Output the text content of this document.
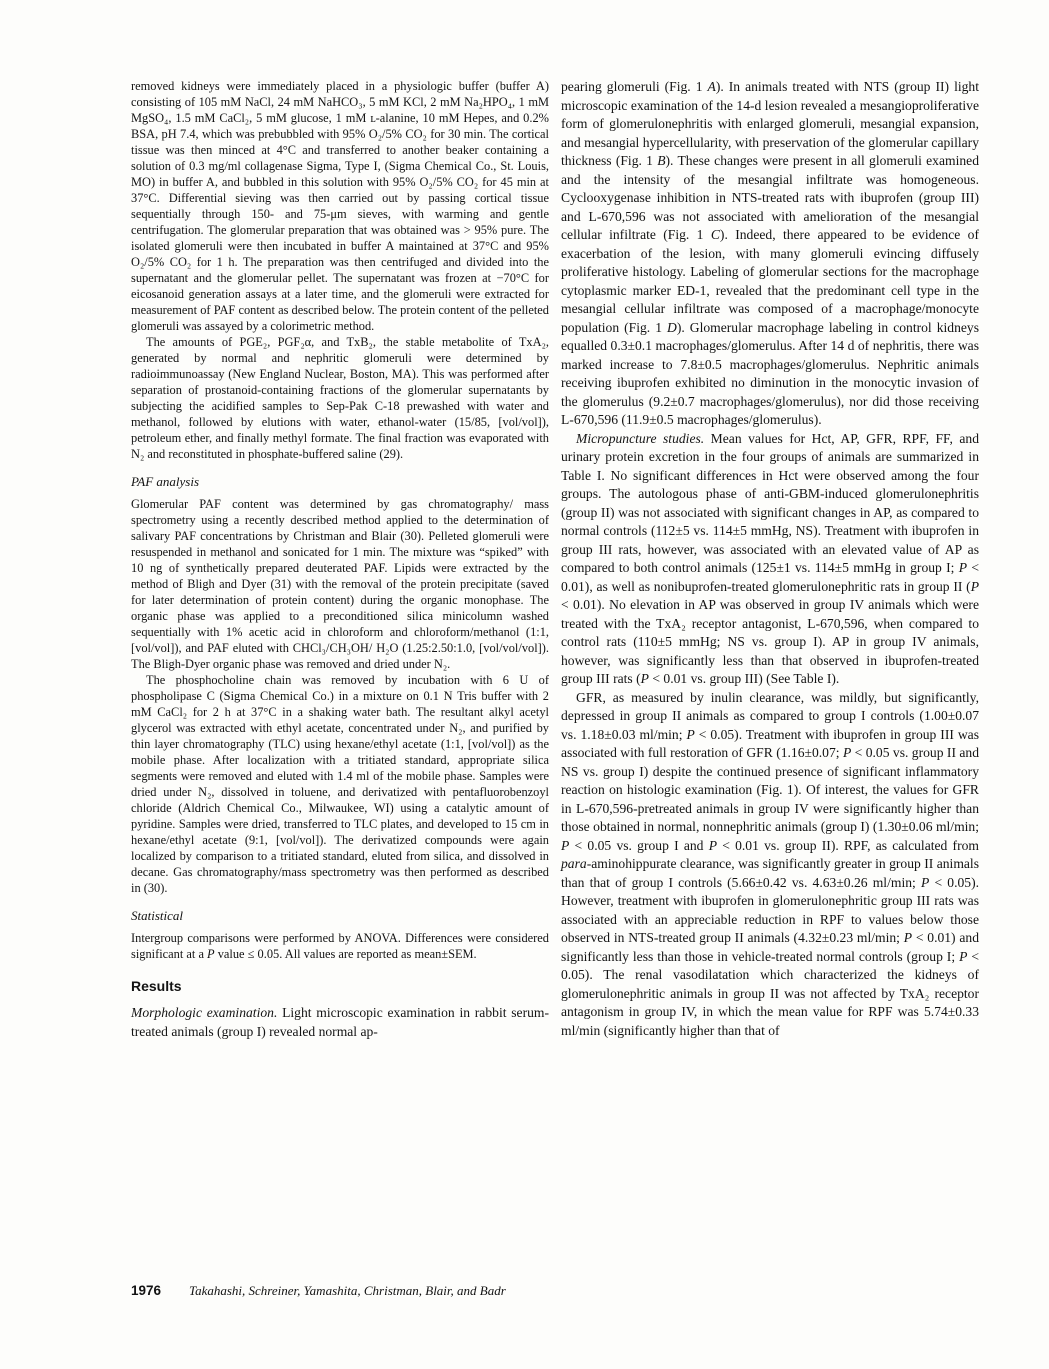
removed kidneys were immediately placed in a physiologic buffer (buffer A) consisting of 105 mM NaCl, 24 mM NaHCO₃, 5 mM KCl, 2 mM Na₂HPO₄, 1 mM MgSO₄, 1.5 mM CaCl₂, 5 mM glucose, 1 mM ʟ-alanine, 10 mM Hepes, and 0.2% BSA, pH 7.4, which was prebubbled with 95% O₂/5% CO₂ for 30 min. The cortical tissue was then minced at 4°C and transferred to another beaker containing a solution of 0.3 mg/ml collagenase Sigma, Type I, (Sigma Chemical Co., St. Louis, MO) in buffer A, and bubbled in this solution with 95% O₂/5% CO₂ for 45 min at 37°C. Differential sieving was then carried out by passing cortical tissue sequentially through 150- and 75-μm sieves, with warming and gentle centrifugation. The glomerular preparation that was obtained was > 95% pure. The isolated glomeruli were then incubated in buffer A maintained at 37°C and 95% O₂/5% CO₂ for 1 h. The preparation was then centrifuged and divided into the supernatant and the glomerular pellet. The supernatant was frozen at −70°C for eicosanoid generation assays at a later time, and the glomeruli were extracted for measurement of PAF content as described below. The protein content of the pelleted glomeruli was assayed by a colorimetric method.

The amounts of PGE₂, PGF₂α, and TxB₂, the stable metabolite of TxA₂, generated by normal and nephritic glomeruli were determined by radioimmunoassay (New England Nuclear, Boston, MA). This was performed after separation of prostanoid-containing fractions of the glomerular supernatants by subjecting the acidified samples to Sep-Pak C-18 prewashed with water and methanol, followed by elutions with water, ethanol-water (15/85, [vol/vol]), petroleum ether, and finally methyl formate. The final fraction was evaporated with N₂ and reconstituted in phosphate-buffered saline (29).

PAF analysis

Glomerular PAF content was determined by gas chromatography/ mass spectrometry using a recently described method applied to the determination of salivary PAF concentrations by Christman and Blair (30). Pelleted glomeruli were resuspended in methanol and sonicated for 1 min. The mixture was “spiked” with 10 ng of synthetically prepared deuterated PAF. Lipids were extracted by the method of Bligh and Dyer (31) with the removal of the protein precipitate (saved for later determination of protein content) during the organic monophase. The organic phase was applied to a preconditioned silica minicolumn washed sequentially with 1% acetic acid in chloroform and chloroform/methanol (1:1, [vol/vol]), and PAF eluted with CHCl₃/CH₃OH/ H₂O (1.25:2.50:1.0, [vol/vol/vol]). The Bligh-Dyer organic phase was removed and dried under N₂.

The phosphocholine chain was removed by incubation with 6 U of phospholipase C (Sigma Chemical Co.) in a mixture on 0.1 N Tris buffer with 2 mM CaCl₂ for 2 h at 37°C in a shaking water bath. The resultant alkyl acetyl glycerol was extracted with ethyl acetate, concentrated under N₂, and purified by thin layer chromatography (TLC) using hexane/ethyl acetate (1:1, [vol/vol]) as the mobile phase. After localization with a tritiated standard, appropriate silica segments were removed and eluted with 1.4 ml of the mobile phase. Samples were dried under N₂, dissolved in toluene, and derivatized with pentafluorobenzoyl chloride (Aldrich Chemical Co., Milwaukee, WI) using a catalytic amount of pyridine. Samples were dried, transferred to TLC plates, and developed to 15 cm in hexane/ethyl acetate (9:1, [vol/vol]). The derivatized compounds were again localized by comparison to a tritiated standard, eluted from silica, and dissolved in decane. Gas chromatography/mass spectrometry was then performed as described in (30).

Statistical

Intergroup comparisons were performed by ANOVA. Differences were considered significant at a P value ≤ 0.05. All values are reported as mean±SEM.

Results

Morphologic examination. Light microscopic examination in rabbit serum-treated animals (group I) revealed normal ap-

pearing glomeruli (Fig. 1 A). In animals treated with NTS (group II) light microscopic examination of the 14-d lesion revealed a mesangioproliferative form of glomerulonephritis with enlarged glomeruli, mesangial expansion, and mesangial hypercellularity, with preservation of the glomerular capillary thickness (Fig. 1 B). These changes were present in all glomeruli examined and the intensity of the mesangial infiltrate was homogeneous. Cyclooxygenase inhibition in NTS-treated rats with ibuprofen (group III) and L-670,596 was not associated with amelioration of the mesangial cellular infiltrate (Fig. 1 C). Indeed, there appeared to be evidence of exacerbation of the lesion, with many glomeruli evincing diffusely proliferative histology. Labeling of glomerular sections for the macrophage cytoplasmic marker ED-1, revealed that the predominant cell type in the mesangial cellular infiltrate was composed of a macrophage/monocyte population (Fig. 1 D). Glomerular macrophage labeling in control kidneys equalled 0.3±0.1 macrophages/glomerulus. After 14 d of nephritis, there was marked increase to 7.8±0.5 macrophages/glomerulus. Nephritic animals receiving ibuprofen exhibited no diminution in the monocytic invasion of the glomerulus (9.2±0.7 macrophages/glomerulus), nor did those receiving L-670,596 (11.9±0.5 macrophages/glomerulus).

Micropuncture studies. Mean values for Hct, AP, GFR, RPF, FF, and urinary protein excretion in the four groups of animals are summarized in Table I. No significant differences in Hct were observed among the four groups. The autologous phase of anti-GBM-induced glomerulonephritis (group II) was not associated with significant changes in AP, as compared to normal controls (112±5 vs. 114±5 mmHg, NS). Treatment with ibuprofen in group III rats, however, was associated with an elevated value of AP as compared to both control animals (125±1 vs. 114±5 mmHg in group I; P < 0.01), as well as nonibuprofen-treated glomerulonephritic rats in group II (P < 0.01). No elevation in AP was observed in group IV animals which were treated with the TxA₂ receptor antagonist, L-670,596, when compared to control rats (110±5 mmHg; NS vs. group I). AP in group IV animals, however, was significantly less than that observed in ibuprofen-treated group III rats (P < 0.01 vs. group III) (See Table I).

GFR, as measured by inulin clearance, was mildly, but significantly, depressed in group II animals as compared to group I controls (1.00±0.07 vs. 1.18±0.03 ml/min; P < 0.05). Treatment with ibuprofen in group III was associated with full restoration of GFR (1.16±0.07; P < 0.05 vs. group II and NS vs. group I) despite the continued presence of significant inflammatory reaction on histologic examination (Fig. 1). Of interest, the values for GFR in L-670,596-pretreated animals in group IV were significantly higher than those obtained in normal, nonnephritic animals (group I) (1.30±0.06 ml/min; P < 0.05 vs. group I and P < 0.01 vs. group II). RPF, as calculated from para-aminohippurate clearance, was significantly greater in group II animals than that of group I controls (5.66±0.42 vs. 4.63±0.26 ml/min; P < 0.05). However, treatment with ibuprofen in glomerulonephritic group III rats was associated with an appreciable reduction in RPF to values below those observed in NTS-treated group II animals (4.32±0.23 ml/min; P < 0.01) and significantly less than those in vehicle-treated normal controls (group I; P < 0.05). The renal vasodilatation which characterized the kidneys of glomerulonephritic animals in group II was not affected by TxA₂ receptor antagonism in group IV, in which the mean value for RPF was 5.74±0.33 ml/min (significantly higher than that of

1976 Takahashi, Schreiner, Yamashita, Christman, Blair, and Badr
